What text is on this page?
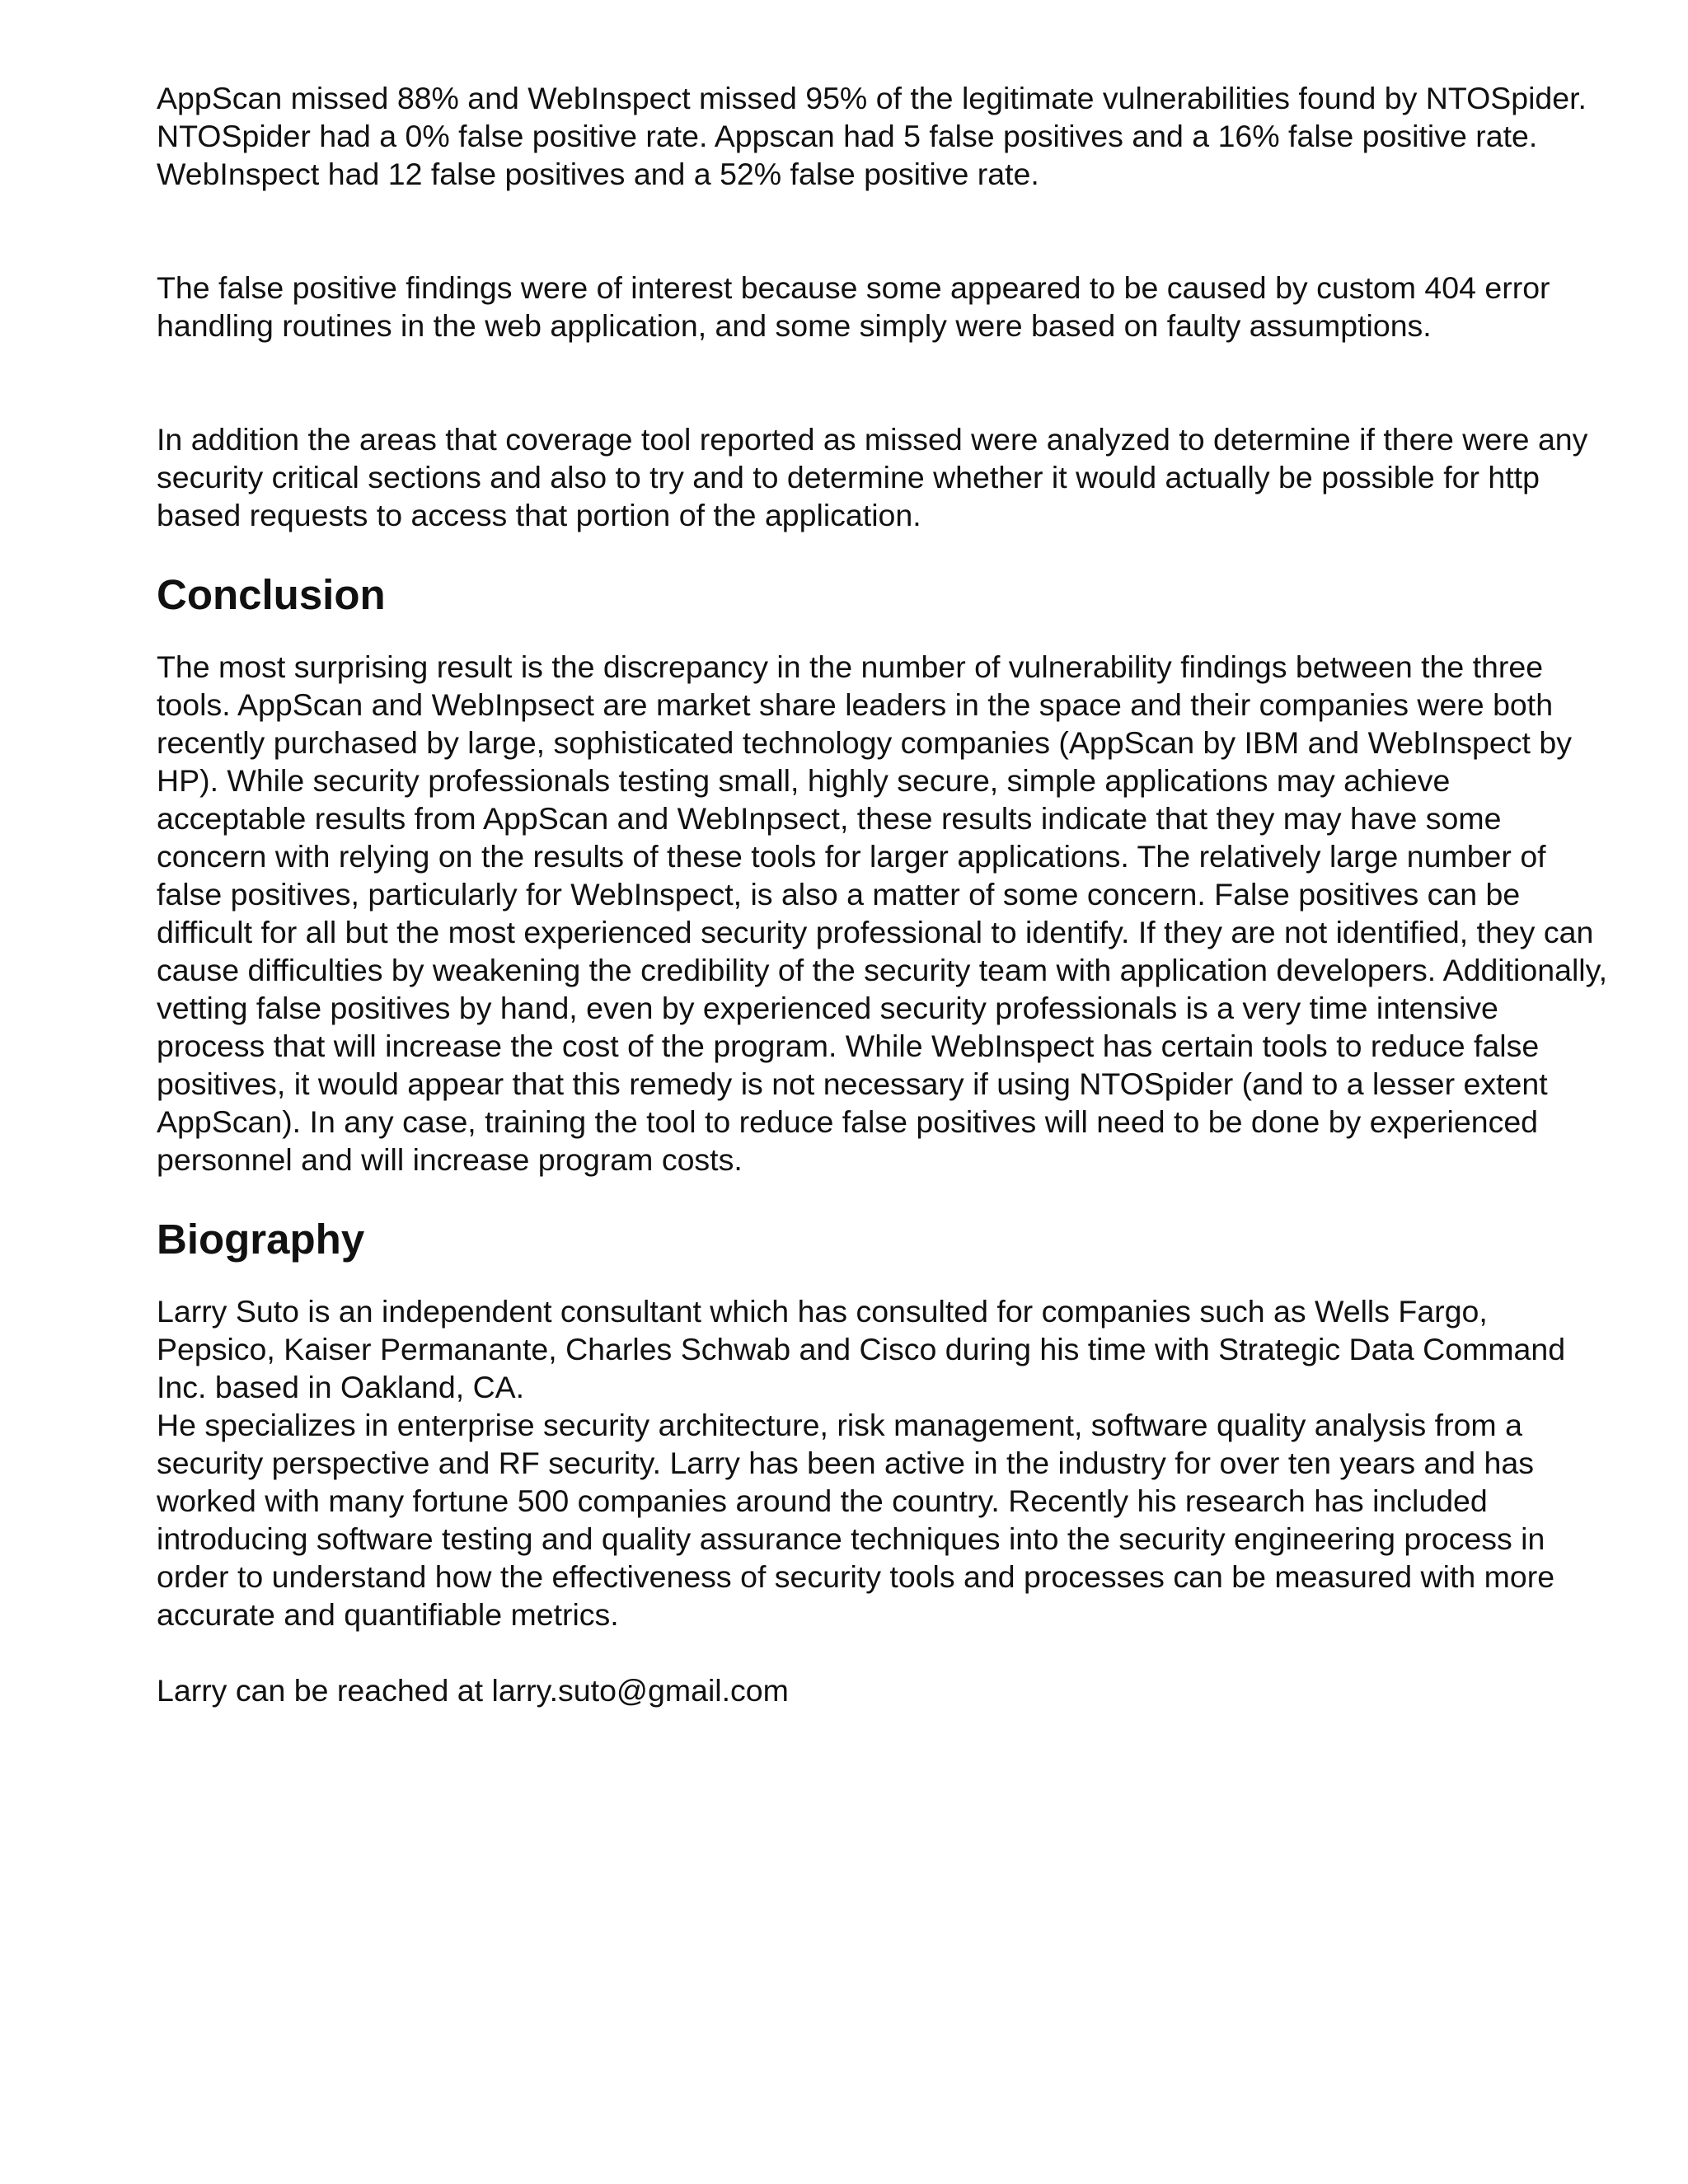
AppScan missed 88% and WebInspect missed 95% of the legitimate vulnerabilities found by NTOSpider. NTOSpider had a 0% false positive rate. Appscan had 5 false positives and a 16% false positive rate. WebInspect had 12 false positives and a 52% false positive rate.

The false positive findings were of interest because some appeared to be caused by custom 404 error handling routines in the web application, and some simply were based on faulty assumptions.

In addition the areas that coverage tool reported as missed were analyzed to determine if there were any security critical sections and also to try and to determine whether it would actually be possible for http based requests to access that portion of the application.

Conclusion

The most surprising result is the discrepancy in the number of vulnerability findings between the three tools. AppScan and WebInpsect are market share leaders in the space and their companies were both recently purchased by large, sophisticated technology companies (AppScan by IBM and WebInspect by HP). While security professionals testing small, highly secure, simple applications may achieve acceptable results from AppScan and WebInpsect, these results indicate that they may have some concern with relying on the results of these tools for larger applications. The relatively large number of false positives, particularly for WebInspect, is also a matter of some concern. False positives can be difficult for all but the most experienced security professional to identify. If they are not identified, they can cause difficulties by weakening the credibility of the security team with application developers. Additionally, vetting false positives by hand, even by experienced security professionals is a very time intensive process that will increase the cost of the program. While WebInspect has certain tools to reduce false positives, it would appear that this remedy is not necessary if using NTOSpider (and to a lesser extent AppScan). In any case, training the tool to reduce false positives will need to be done by experienced personnel and will increase program costs.

Biography

Larry Suto is an independent consultant which has consulted for companies such as Wells Fargo, Pepsico, Kaiser Permanante, Charles Schwab and Cisco during his time with Strategic Data Command Inc. based in Oakland, CA.

He specializes in enterprise security architecture, risk management, software quality analysis from a security perspective and RF security. Larry has been active in the industry for over ten years and has worked with many fortune 500 companies around the country. Recently his research has included introducing software testing and quality assurance techniques into the security engineering process in order to understand how the effectiveness of security tools and processes can be measured with more accurate and quantifiable metrics.

Larry can be reached at larry.suto@gmail.com
